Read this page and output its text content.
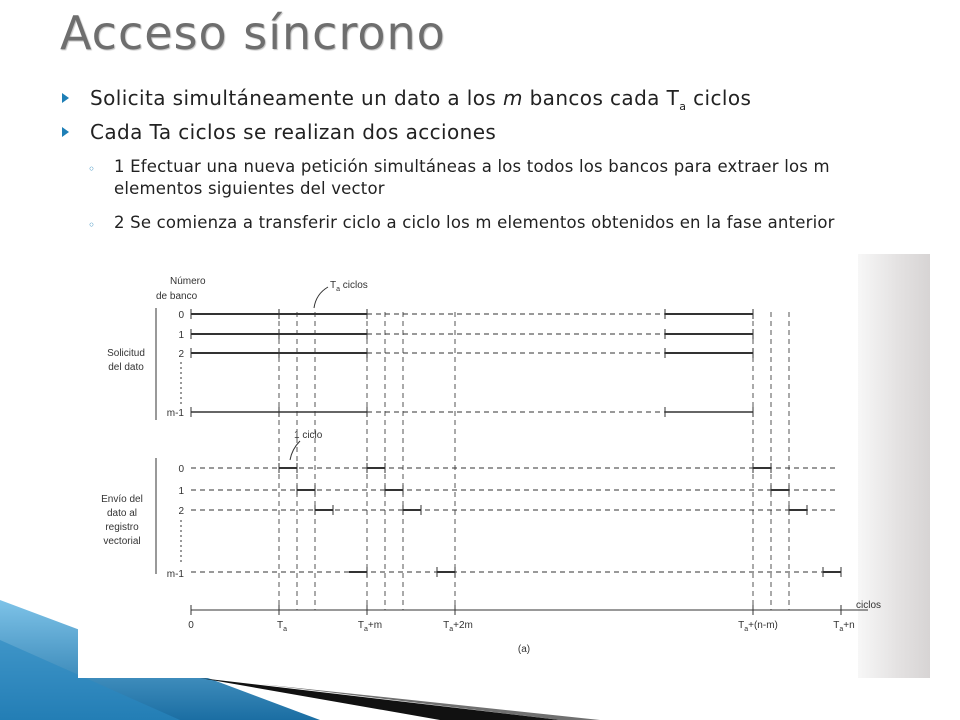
Acceso síncrono
Solicita simultáneamente un dato a los m bancos cada $T_a$ ciclos
Cada Ta ciclos se realizan dos acciones
◦ 1 Efectuar una nueva petición simultáneas a los todos los bancos para extraer los m elementos siguientes del vector
◦ 2 Se comienza a transferir ciclo a ciclo los m elementos obtenidos en la fase anterior
Número
de banco
$T_a$ ciclos
1 ciclo
Solicitud
del dato
Envío del
dato al
registro
vectorial
0
1
2
m-1
0
1
2
m-1
ciclos
0	$T_a$	$T_a+m$	$T_a+2m$	$T_a+(n-m)$	$T_a+n$
(a)
